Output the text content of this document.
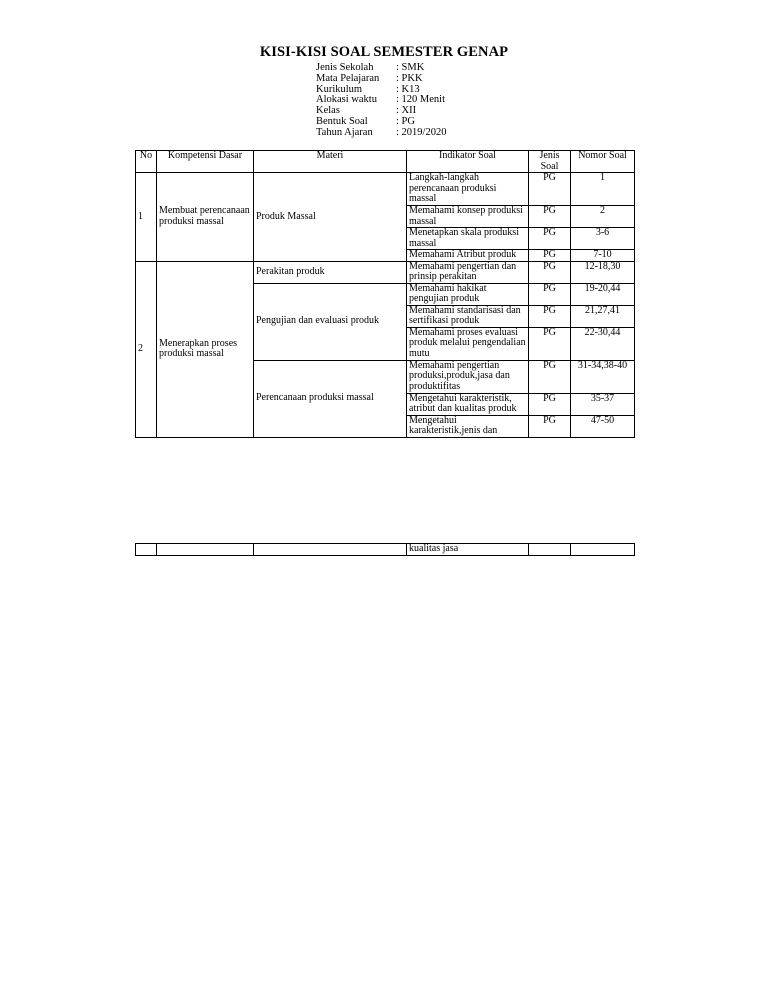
KISI-KISI SOAL SEMESTER GENAP
Jenis Sekolah	: SMK
Mata Pelajaran	: PKK
Kurikulum	: K13
Alokasi waktu	: 120 Menit
Kelas	: XII
Bentuk Soal	: PG
Tahun Ajaran	: 2019/2020
No	Kompetensi Dasar	Materi	Indikator Soal	Jenis Soal	Nomor Soal
1	Membuat perencanaan produksi massal	Produk Massal	Langkah-langkah perencanaan produksi massal	PG	1
			Memahami konsep produksi massal	PG	2
			Menetapkan skala produksi massal	PG	3-6
			Memahami Atribut produk	PG	7-10
2	Menerapkan proses produksi massal	Perakitan produk	Memahami pengertian dan prinsip perakitan	PG	12-18,30
		Pengujian dan evaluasi produk	Memahami hakikat pengujian produk	PG	19-20,44
			Memahami standarisasi dan sertifikasi produk	PG	21,27,41
			Memahami proses evaluasi produk melalui pengendalian mutu	PG	22-30,44
		Perencanaan produksi massal	Memahami pengertian produksi,produk,jasa dan produktifitas	PG	31-34,38-40
			Mengetahui karakteristik, atribut dan kualitas produk	PG	35-37
			Mengetahui karakteristik,jenis dan	PG	47-50
			kualitas jasa		
